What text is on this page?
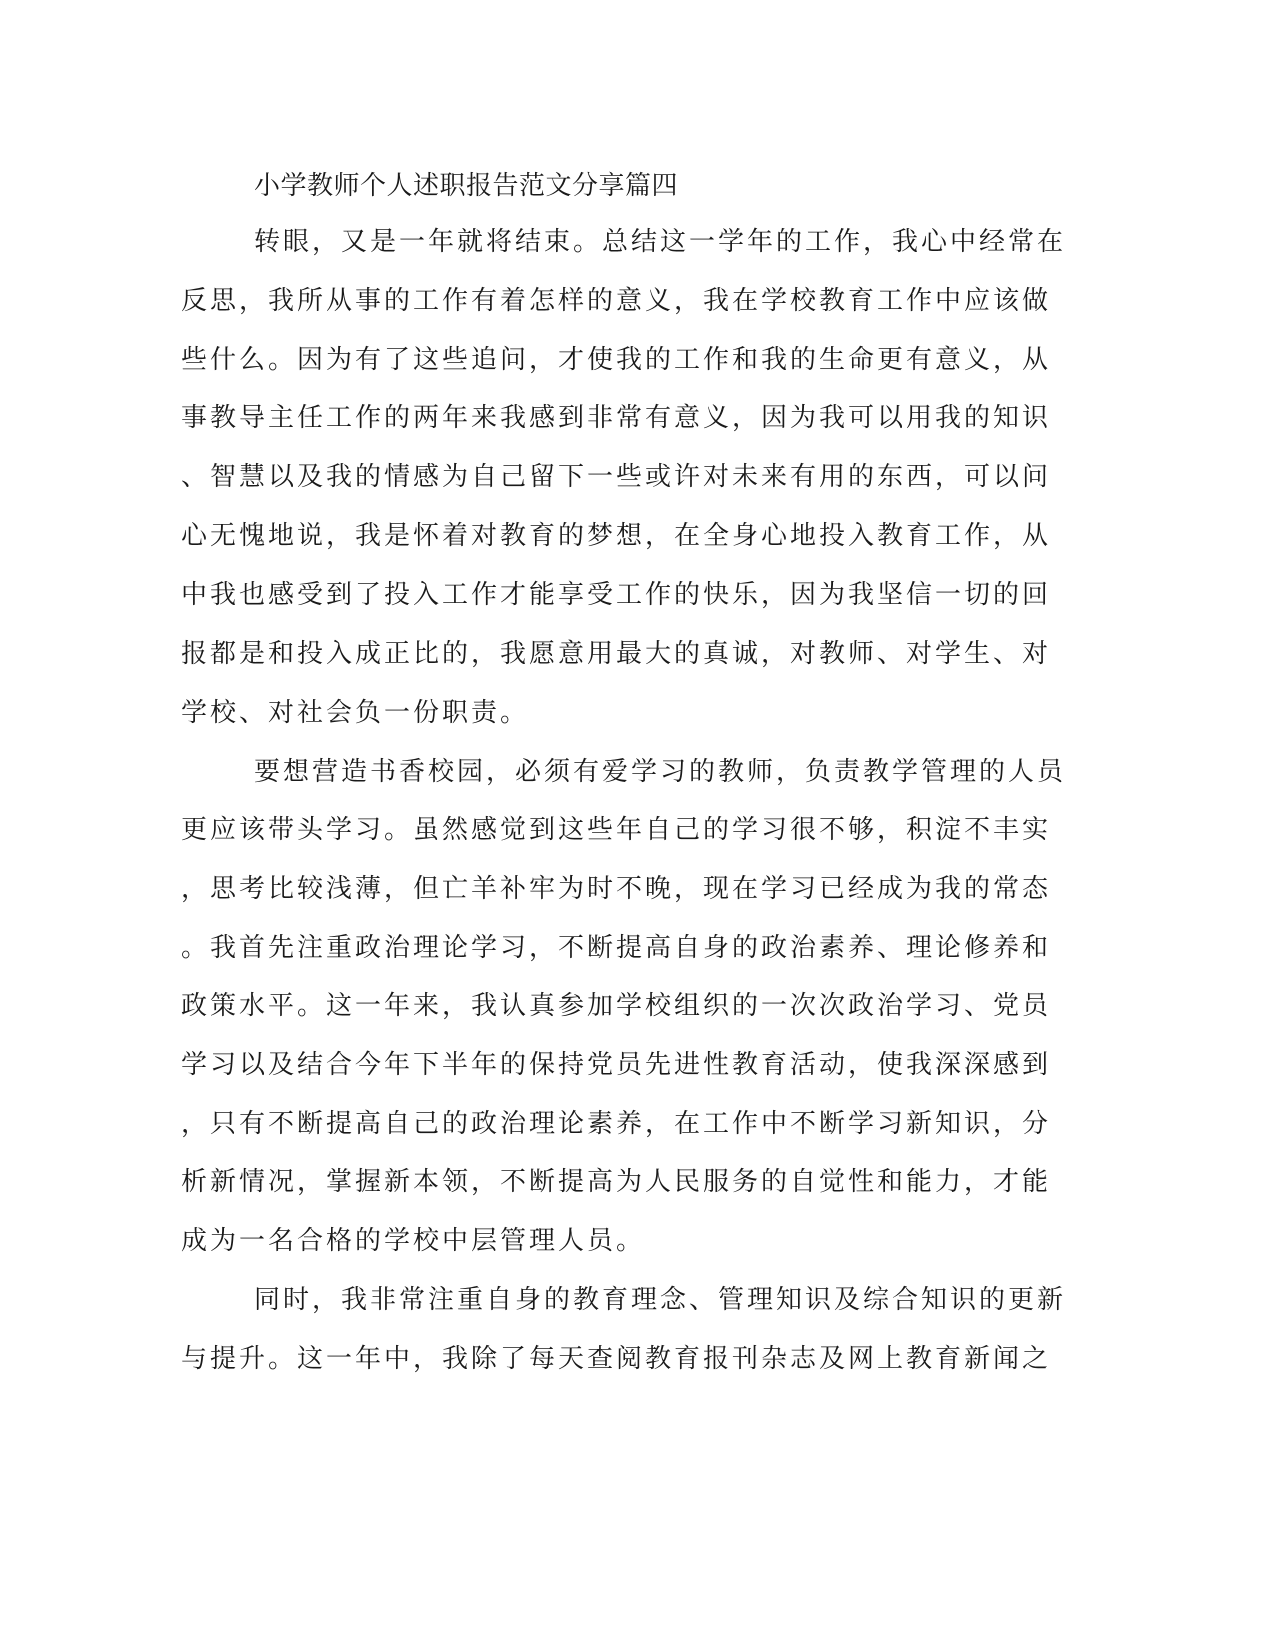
小学教师个人述职报告范文分享篇四
转眼，又是一年就将结束。总结这一学年的工作，我心中经常在
反思，我所从事的工作有着怎样的意义，我在学校教育工作中应该做
些什么。因为有了这些追问，才使我的工作和我的生命更有意义，从
事教导主任工作的两年来我感到非常有意义，因为我可以用我的知识
、智慧以及我的情感为自己留下一些或许对未来有用的东西，可以问
心无愧地说，我是怀着对教育的梦想，在全身心地投入教育工作，从
中我也感受到了投入工作才能享受工作的快乐，因为我坚信一切的回
报都是和投入成正比的，我愿意用最大的真诚，对教师、对学生、对
学校、对社会负一份职责。
要想营造书香校园，必须有爱学习的教师，负责教学管理的人员
更应该带头学习。虽然感觉到这些年自己的学习很不够，积淀不丰实
，思考比较浅薄，但亡羊补牢为时不晚，现在学习已经成为我的常态
。我首先注重政治理论学习，不断提高自身的政治素养、理论修养和
政策水平。这一年来，我认真参加学校组织的一次次政治学习、党员
学习以及结合今年下半年的保持党员先进性教育活动，使我深深感到
，只有不断提高自己的政治理论素养，在工作中不断学习新知识，分
析新情况，掌握新本领，不断提高为人民服务的自觉性和能力，才能
成为一名合格的学校中层管理人员。
同时，我非常注重自身的教育理念、管理知识及综合知识的更新
与提升。这一年中，我除了每天查阅教育报刊杂志及网上教育新闻之
